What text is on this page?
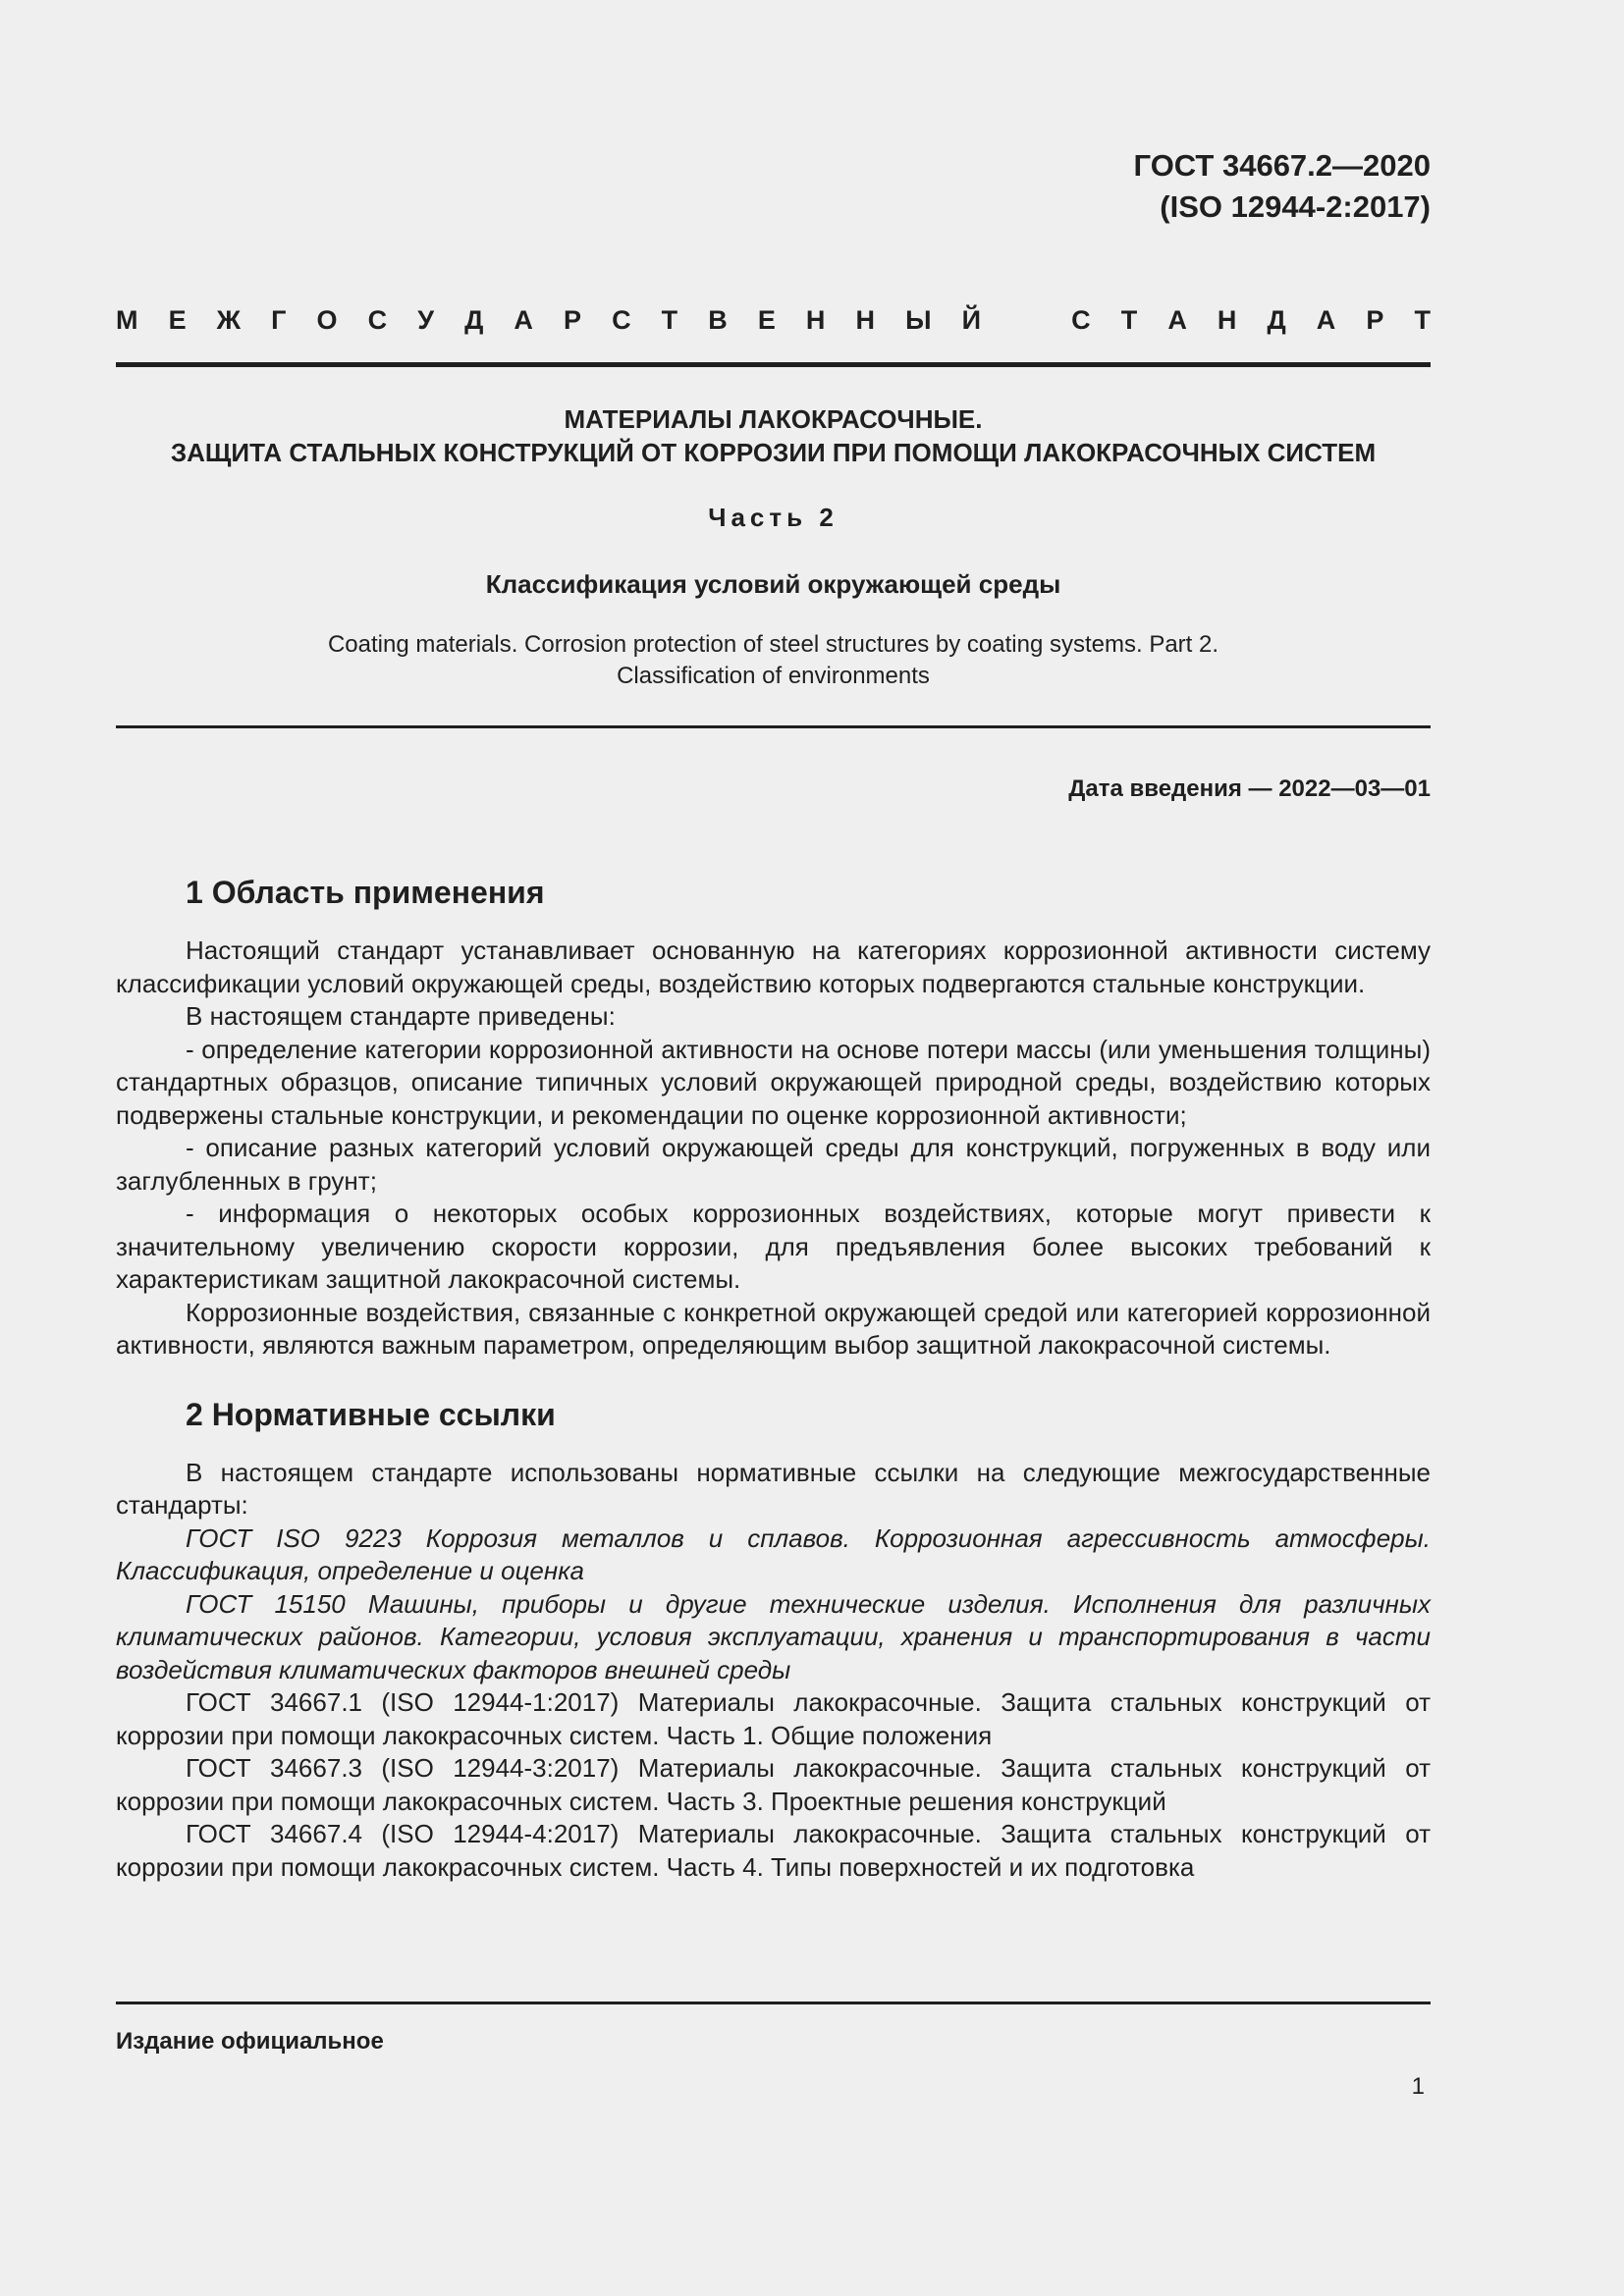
ГОСТ 34667.2—2020
(ISO 12944-2:2017)
М Е Ж Г О С У Д А Р С Т В Е Н Н Ы Й	С Т А Н Д А Р Т
МАТЕРИАЛЫ ЛАКОКРАСОЧНЫЕ.
ЗАЩИТА СТАЛЬНЫХ КОНСТРУКЦИЙ ОТ КОРРОЗИИ ПРИ ПОМОЩИ ЛАКОКРАСОЧНЫХ СИСТЕМ
Часть 2
Классификация условий окружающей среды
Coating materials. Corrosion protection of steel structures by coating systems. Part 2.
Classification of environments
Дата введения — 2022—03—01
1 Область применения

Настоящий стандарт устанавливает основанную на категориях коррозионной активности систему классификации условий окружающей среды, воздействию которых подвергаются стальные конструкции.

В настоящем стандарте приведены:

- определение категории коррозионной активности на основе потери массы (или уменьшения толщины) стандартных образцов, описание типичных условий окружающей природной среды, воздействию которых подвержены стальные конструкции, и рекомендации по оценке коррозионной активности;

- описание разных категорий условий окружающей среды для конструкций, погруженных в воду или заглубленных в грунт;

- информация о некоторых особых коррозионных воздействиях, которые могут привести к значительному увеличению скорости коррозии, для предъявления более высоких требований к характеристикам защитной лакокрасочной системы.

Коррозионные воздействия, связанные с конкретной окружающей средой или категорией коррозионной активности, являются важным параметром, определяющим выбор защитной лакокрасочной системы.

2 Нормативные ссылки

В настоящем стандарте использованы нормативные ссылки на следующие межгосударственные стандарты:

ГОСТ ISO 9223 Коррозия металлов и сплавов. Коррозионная агрессивность атмосферы. Классификация, определение и оценка

ГОСТ 15150 Машины, приборы и другие технические изделия. Исполнения для различных климатических районов. Категории, условия эксплуатации, хранения и транспортирования в части воздействия климатических факторов внешней среды

ГОСТ 34667.1 (ISO 12944-1:2017) Материалы лакокрасочные. Защита стальных конструкций от коррозии при помощи лакокрасочных систем. Часть 1. Общие положения

ГОСТ 34667.3 (ISO 12944-3:2017) Материалы лакокрасочные. Защита стальных конструкций от коррозии при помощи лакокрасочных систем. Часть 3. Проектные решения конструкций

ГОСТ 34667.4 (ISO 12944-4:2017) Материалы лакокрасочные. Защита стальных конструкций от коррозии при помощи лакокрасочных систем. Часть 4. Типы поверхностей и их подготовка

Издание официальное
1
